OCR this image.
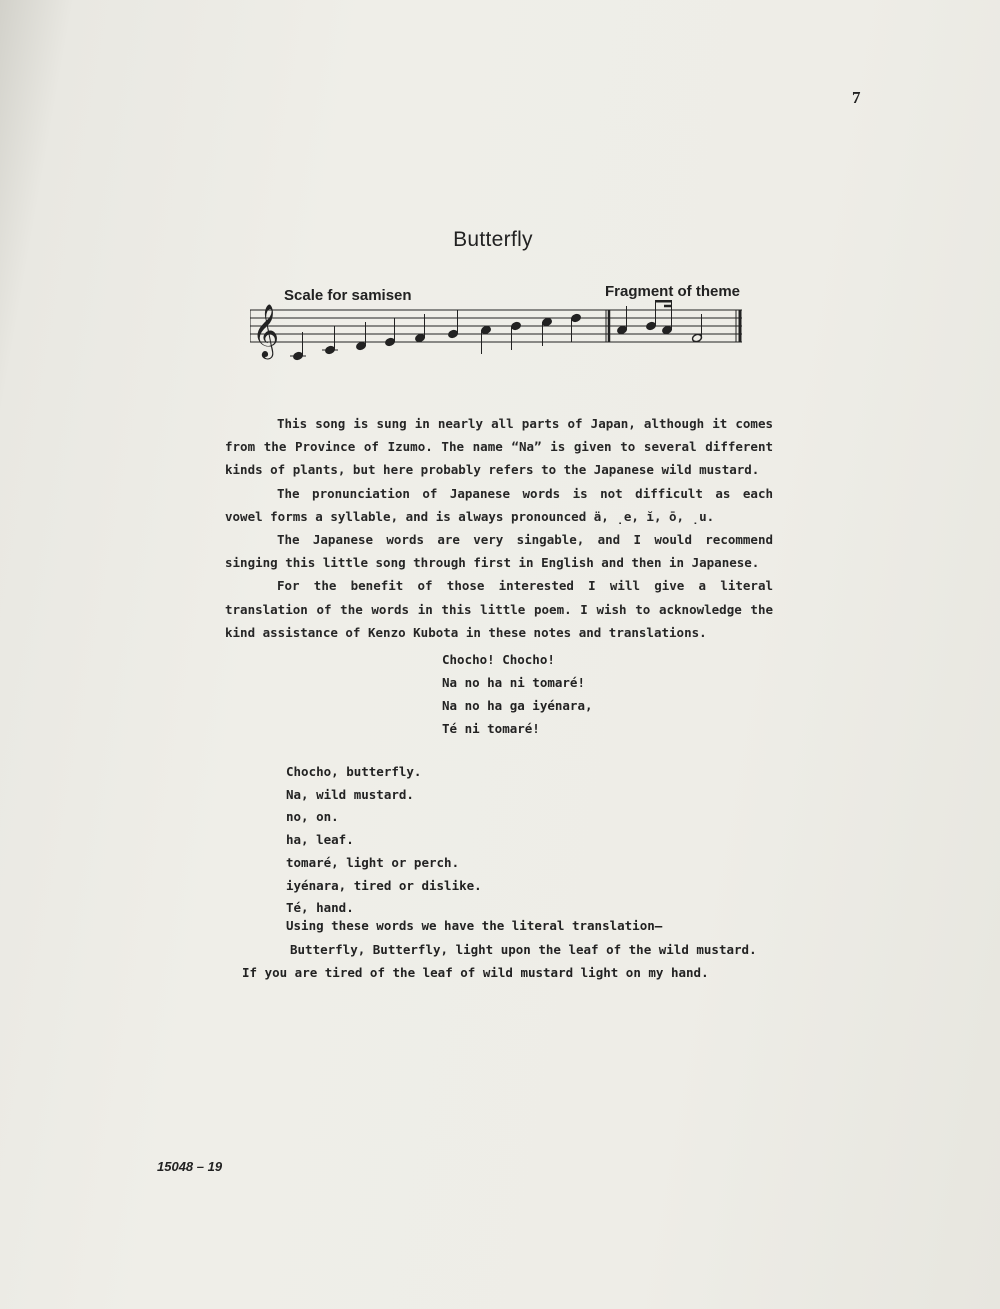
7
Butterfly
Scale for samisen	Fragment of theme
𝄞

This song is sung in nearly all parts of Japan, although it comes from the Province of Izumo. The name “Na” is given to several different kinds of plants, but here probably refers to the Japanese wild mustard.

The pronunciation of Japanese words is not difficult as each vowel forms a syllable, and is always pronounced ä, ̣e, ĭ, ō, ̣u.

The Japanese words are very singable, and I would recommend singing this little song through first in English and then in Japanese.

For the benefit of those interested I will give a literal translation of the words in this little poem. I wish to acknowledge the kind assistance of Kenzo Kubota in these notes and translations.

Chocho! Chocho!
Na no ha ni tomaré!
Na no ha ga iyénara,
Té ni tomaré!
Chocho, butterfly.
Na, wild mustard.
no, on.
ha, leaf.
tomaré, light or perch.
iyénara, tired or dislike.
Té, hand.

Using these words we have the literal translation–

Butterfly, Butterfly, light upon the leaf of the wild mustard. If you are tired of the leaf of wild mustard light on my hand.

15048 – 19
